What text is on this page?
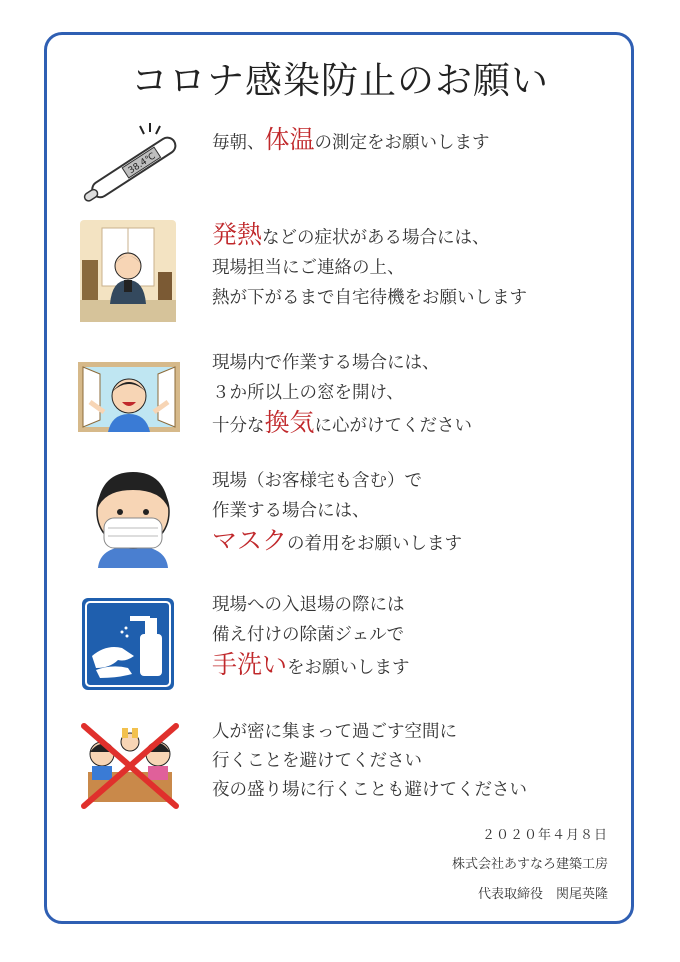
コロナ感染防止のお願い
38.4℃
毎朝、体温の測定をお願いします
発熱などの症状がある場合には、
現場担当にご連絡の上、
熱が下がるまで自宅待機をお願いします
現場内で作業する場合には、
３か所以上の窓を開け、
十分な換気に心がけてください
現場（お客様宅も含む）で
作業する場合には、
マスクの着用をお願いします
現場への入退場の際には
備え付けの除菌ジェルで
手洗いをお願いします
人が密に集まって過ごす空間に
行くことを避けてください
夜の盛り場に行くことも避けてください
２０２０年４月８日
株式会社あすなろ建築工房
代表取締役　関尾英隆
